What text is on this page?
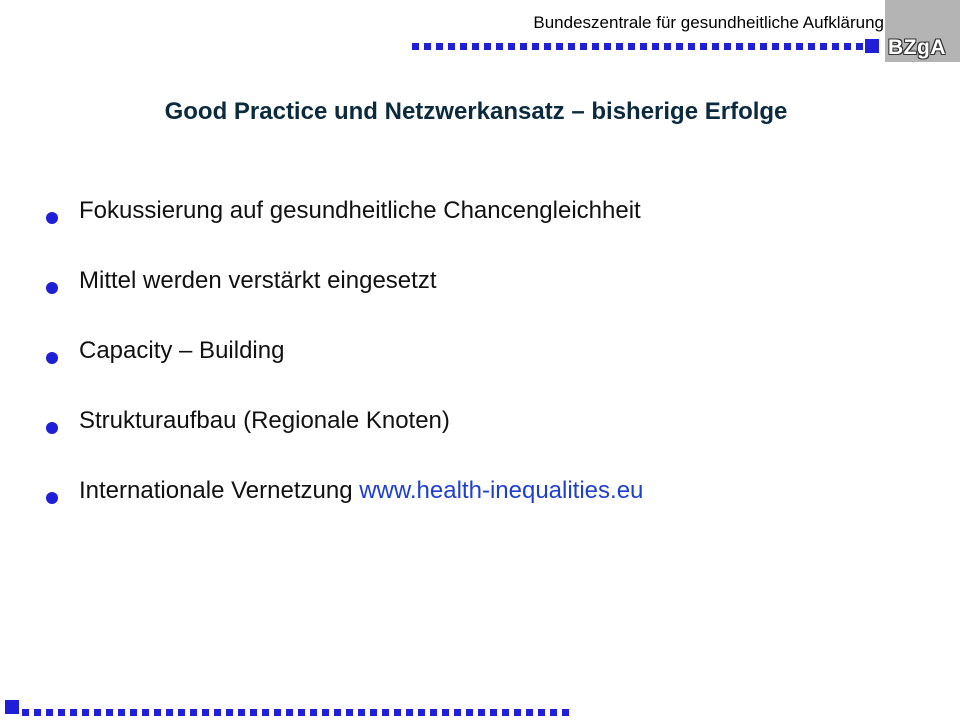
Bundeszentrale für gesundheitliche Aufklärung
BZgA
Good Practice und Netzwerkansatz – bisherige Erfolge
Fokussierung auf gesundheitliche Chancengleichheit
Mittel werden verstärkt eingesetzt
Capacity – Building
Strukturaufbau (Regionale Knoten)
Internationale Vernetzung www.health-inequalities.eu
